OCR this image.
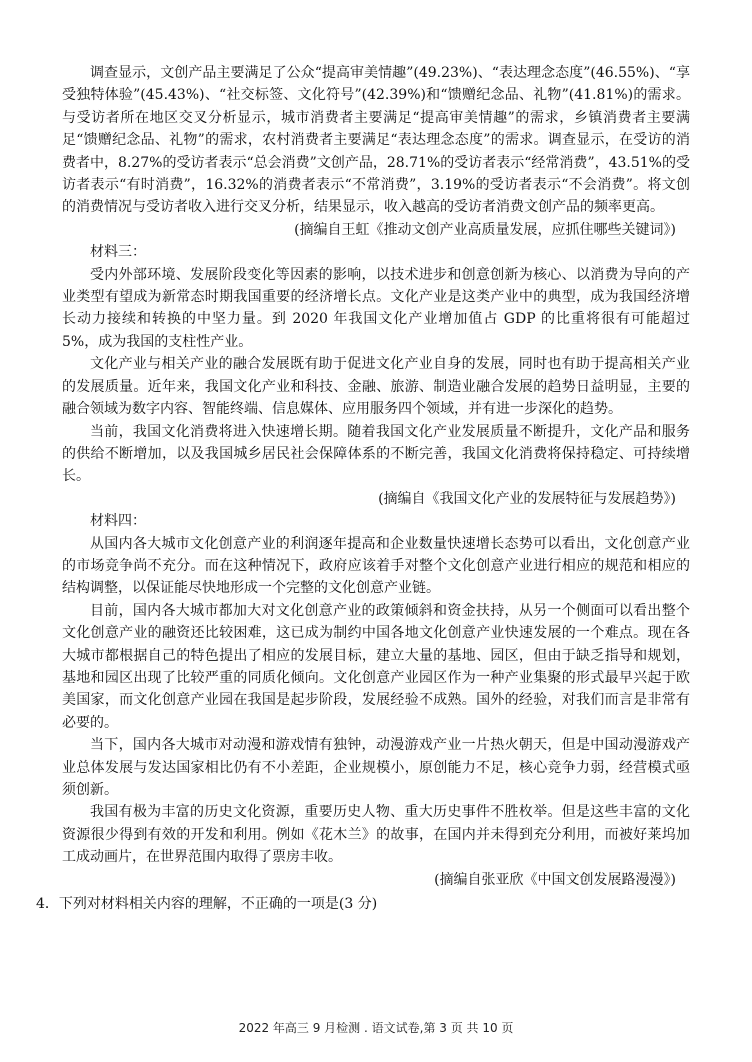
调查显示，文创产品主要满足了公众“提高审美情趣”(49.23%)、“表达理念态度”(46.55%)、“享受独特体验”(45.43%)、“社交标签、文化符号”(42.39%)和“馈赠纪念品、礼物”(41.81%)的需求。与受访者所在地区交叉分析显示，城市消费者主要满足“提高审美情趣”的需求，乡镇消费者主要满足“馈赠纪念品、礼物”的需求，农村消费者主要满足“表达理念态度”的需求。调查显示，在受访的消费者中，8.27%的受访者表示“总会消费”文创产品，28.71%的受访者表示“经常消费”，43.51%的受访者表示“有时消费”，16.32%的消费者表示“不常消费”，3.19%的受访者表示“不会消费”。将文创的消费情况与受访者收入进行交叉分析，结果显示，收入越高的受访者消费文创产品的频率更高。

(摘编自王虹《推动文创产业高质量发展，应抓住哪些关键词》)

材料三：

受内外部环境、发展阶段变化等因素的影响，以技术进步和创意创新为核心、以消费为导向的产业类型有望成为新常态时期我国重要的经济增长点。文化产业是这类产业中的典型，成为我国经济增长动力接续和转换的中坚力量。到 2020 年我国文化产业增加值占 GDP 的比重将很有可能超过 5%，成为我国的支柱性产业。

文化产业与相关产业的融合发展既有助于促进文化产业自身的发展，同时也有助于提高相关产业的发展质量。近年来，我国文化产业和科技、金融、旅游、制造业融合发展的趋势日益明显，主要的融合领域为数字内容、智能终端、信息媒体、应用服务四个领域，并有进一步深化的趋势。

当前，我国文化消费将进入快速增长期。随着我国文化产业发展质量不断提升，文化产品和服务的供给不断增加，以及我国城乡居民社会保障体系的不断完善，我国文化消费将保持稳定、可持续增长。

(摘编自《我国文化产业的发展特征与发展趋势》)

材料四：

从国内各大城市文化创意产业的利润逐年提高和企业数量快速增长态势可以看出，文化创意产业的市场竞争尚不充分。而在这种情况下，政府应该着手对整个文化创意产业进行相应的规范和相应的结构调整，以保证能尽快地形成一个完整的文化创意产业链。

目前，国内各大城市都加大对文化创意产业的政策倾斜和资金扶持，从另一个侧面可以看出整个文化创意产业的融资还比较困难，这已成为制约中国各地文化创意产业快速发展的一个难点。现在各大城市都根据自己的特色提出了相应的发展目标，建立大量的基地、园区，但由于缺乏指导和规划，基地和园区出现了比较严重的同质化倾向。文化创意产业园区作为一种产业集聚的形式最早兴起于欧美国家，而文化创意产业园在我国是起步阶段，发展经验不成熟。国外的经验，对我们而言是非常有必要的。

当下，国内各大城市对动漫和游戏情有独钟，动漫游戏产业一片热火朝天，但是中国动漫游戏产业总体发展与发达国家相比仍有不小差距，企业规模小，原创能力不足，核心竞争力弱，经营模式亟须创新。

我国有极为丰富的历史文化资源，重要历史人物、重大历史事件不胜枚举。但是这些丰富的文化资源很少得到有效的开发和利用。例如《花木兰》的故事，在国内并未得到充分利用，而被好莱坞加工成动画片，在世界范围内取得了票房丰收。

(摘编自张亚欣《中国文创发展路漫漫》)

4．下列对材料相关内容的理解，不正确的一项是(3 分)

2022 年高三 9 月检测 . 语文试卷,第 3 页 共 10 页
